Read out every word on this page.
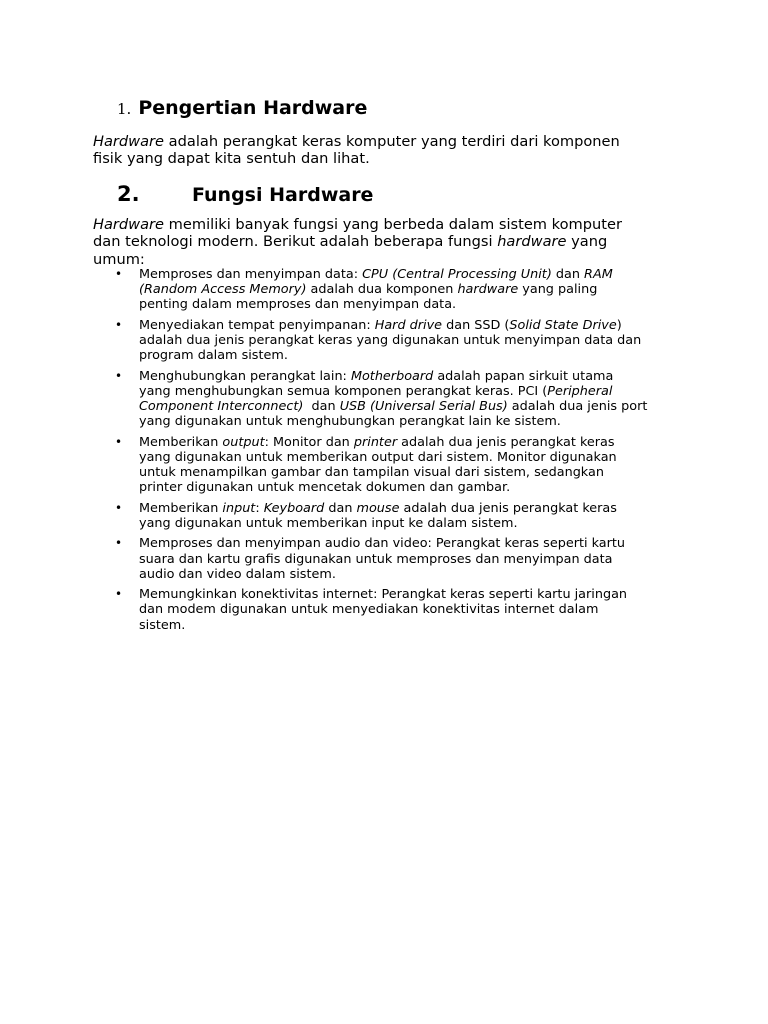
1. Pengertian Hardware
Hardware adalah perangkat keras komputer yang terdiri dari komponen
fisik yang dapat kita sentuh dan lihat.
2.	Fungsi Hardware
Hardware memiliki banyak fungsi yang berbeda dalam sistem komputer
dan teknologi modern. Berikut adalah beberapa fungsi hardware yang
umum:
• Memproses dan menyimpan data: CPU (Central Processing Unit) dan RAM
(Random Access Memory) adalah dua komponen hardware yang paling
penting dalam memproses dan menyimpan data.
• Menyediakan tempat penyimpanan: Hard drive dan SSD (Solid State Drive)
adalah dua jenis perangkat keras yang digunakan untuk menyimpan data dan
program dalam sistem.
• Menghubungkan perangkat lain: Motherboard adalah papan sirkuit utama
yang menghubungkan semua komponen perangkat keras. PCI (Peripheral
Component Interconnect)  dan USB (Universal Serial Bus) adalah dua jenis port
yang digunakan untuk menghubungkan perangkat lain ke sistem.
• Memberikan output: Monitor dan printer adalah dua jenis perangkat keras
yang digunakan untuk memberikan output dari sistem. Monitor digunakan
untuk menampilkan gambar dan tampilan visual dari sistem, sedangkan
printer digunakan untuk mencetak dokumen dan gambar.
• Memberikan input: Keyboard dan mouse adalah dua jenis perangkat keras
yang digunakan untuk memberikan input ke dalam sistem.
• Memproses dan menyimpan audio dan video: Perangkat keras seperti kartu
suara dan kartu grafis digunakan untuk memproses dan menyimpan data
audio dan video dalam sistem.
• Memungkinkan konektivitas internet: Perangkat keras seperti kartu jaringan
dan modem digunakan untuk menyediakan konektivitas internet dalam
sistem.
